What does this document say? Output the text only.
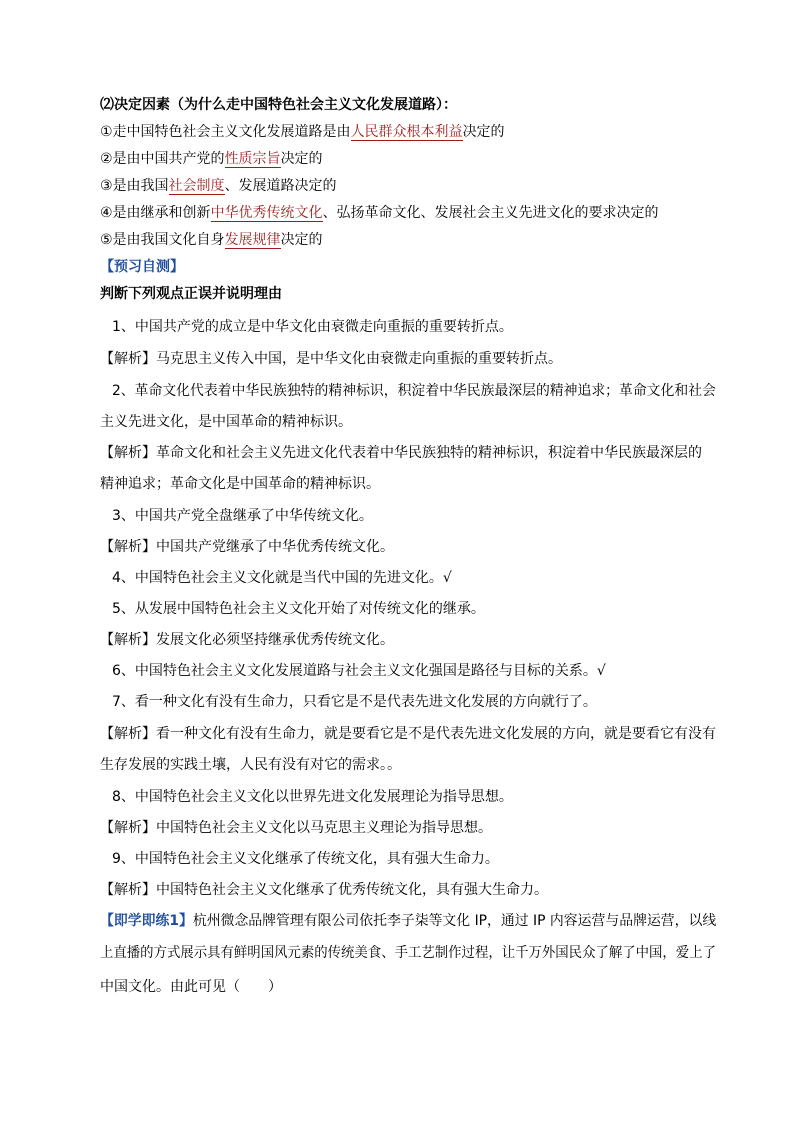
⑵决定因素（为什么走中国特色社会主义文化发展道路）：
①走中国特色社会主义文化发展道路是由人民群众根本利益决定的
②是由中国共产党的性质宗旨决定的
③是由我国社会制度、发展道路决定的
④是由继承和创新中华优秀传统文化、弘扬革命文化、发展社会主义先进文化的要求决定的
⑤是由我国文化自身发展规律决定的
【预习自测】
判断下列观点正误并说明理由
1、中国共产党的成立是中华文化由衰微走向重振的重要转折点。
【解析】马克思主义传入中国，是中华文化由衰微走向重振的重要转折点。
2、革命文化代表着中华民族独特的精神标识，积淀着中华民族最深层的精神追求；革命文化和社会
主义先进文化，是中国革命的精神标识。
【解析】革命文化和社会主义先进文化代表着中华民族独特的精神标识，积淀着中华民族最深层的
精神追求；革命文化是中国革命的精神标识。
3、中国共产党全盘继承了中华传统文化。
【解析】中国共产党继承了中华优秀传统文化。
4、中国特色社会主义文化就是当代中国的先进文化。√
5、从发展中国特色社会主义文化开始了对传统文化的继承。
【解析】发展文化必须坚持继承优秀传统文化。
6、中国特色社会主义文化发展道路与社会主义文化强国是路径与目标的关系。√
7、看一种文化有没有生命力，只看它是不是代表先进文化发展的方向就行了。
【解析】看一种文化有没有生命力，就是要看它是不是代表先进文化发展的方向，就是要看它有没有
生存发展的实践土壤，人民有没有对它的需求。。
8、中国特色社会主义文化以世界先进文化发展理论为指导思想。
【解析】中国特色社会主义文化以马克思主义理论为指导思想。
9、中国特色社会主义文化继承了传统文化，具有强大生命力。
【解析】中国特色社会主义文化继承了优秀传统文化，具有强大生命力。
【即学即练1】杭州微念品牌管理有限公司依托李子柒等文化 IP，通过 IP 内容运营与品牌运营，以线
上直播的方式展示具有鲜明国风元素的传统美食、手工艺制作过程，让千万外国民众了解了中国，爱上了
中国文化。由此可见（　　）
